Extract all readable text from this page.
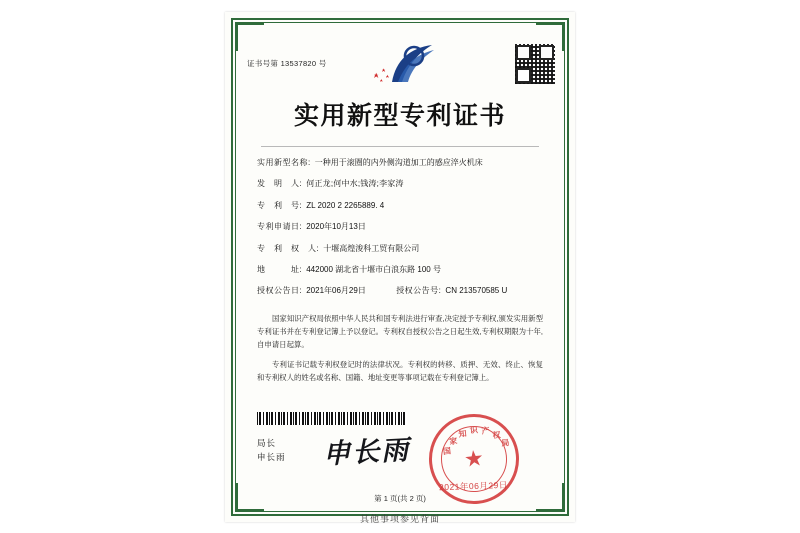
证书号第 13537820 号
实用新型专利证书
实用新型名称: 一种用于滚圈的内外侧沟道加工的感应淬火机床
发　明　人: 何正龙;何中水;钱涛;李家涛
专　利　号: ZL 2020 2 2265889. 4
专利申请日: 2020年10月13日
专　利　权　人: 十堰高煌浚科工贸有限公司
地　　　址: 442000 湖北省十堰市白浪东路 100 号
授权公告日: 2021年06月29日	授权公告号: CN 213570585 U

国家知识产权局依照中华人民共和国专利法进行审查,决定授予专利权,颁发实用新型专利证书并在专利登记簿上予以登记。专利权自授权公告之日起生效,专利权期限为十年,自申请日起算。

专利证书记载专利权登记时的法律状况。专利权的转移、质押、无效、终止、恢复和专利权人的姓名或名称、国籍、地址变更等事项记载在专利登记簿上。

局长
申长雨 申长雨 ★
国
家
知 识 产 权
局
2021年06月29日
第 1 页(共 2 页)
其他事项参见背面
